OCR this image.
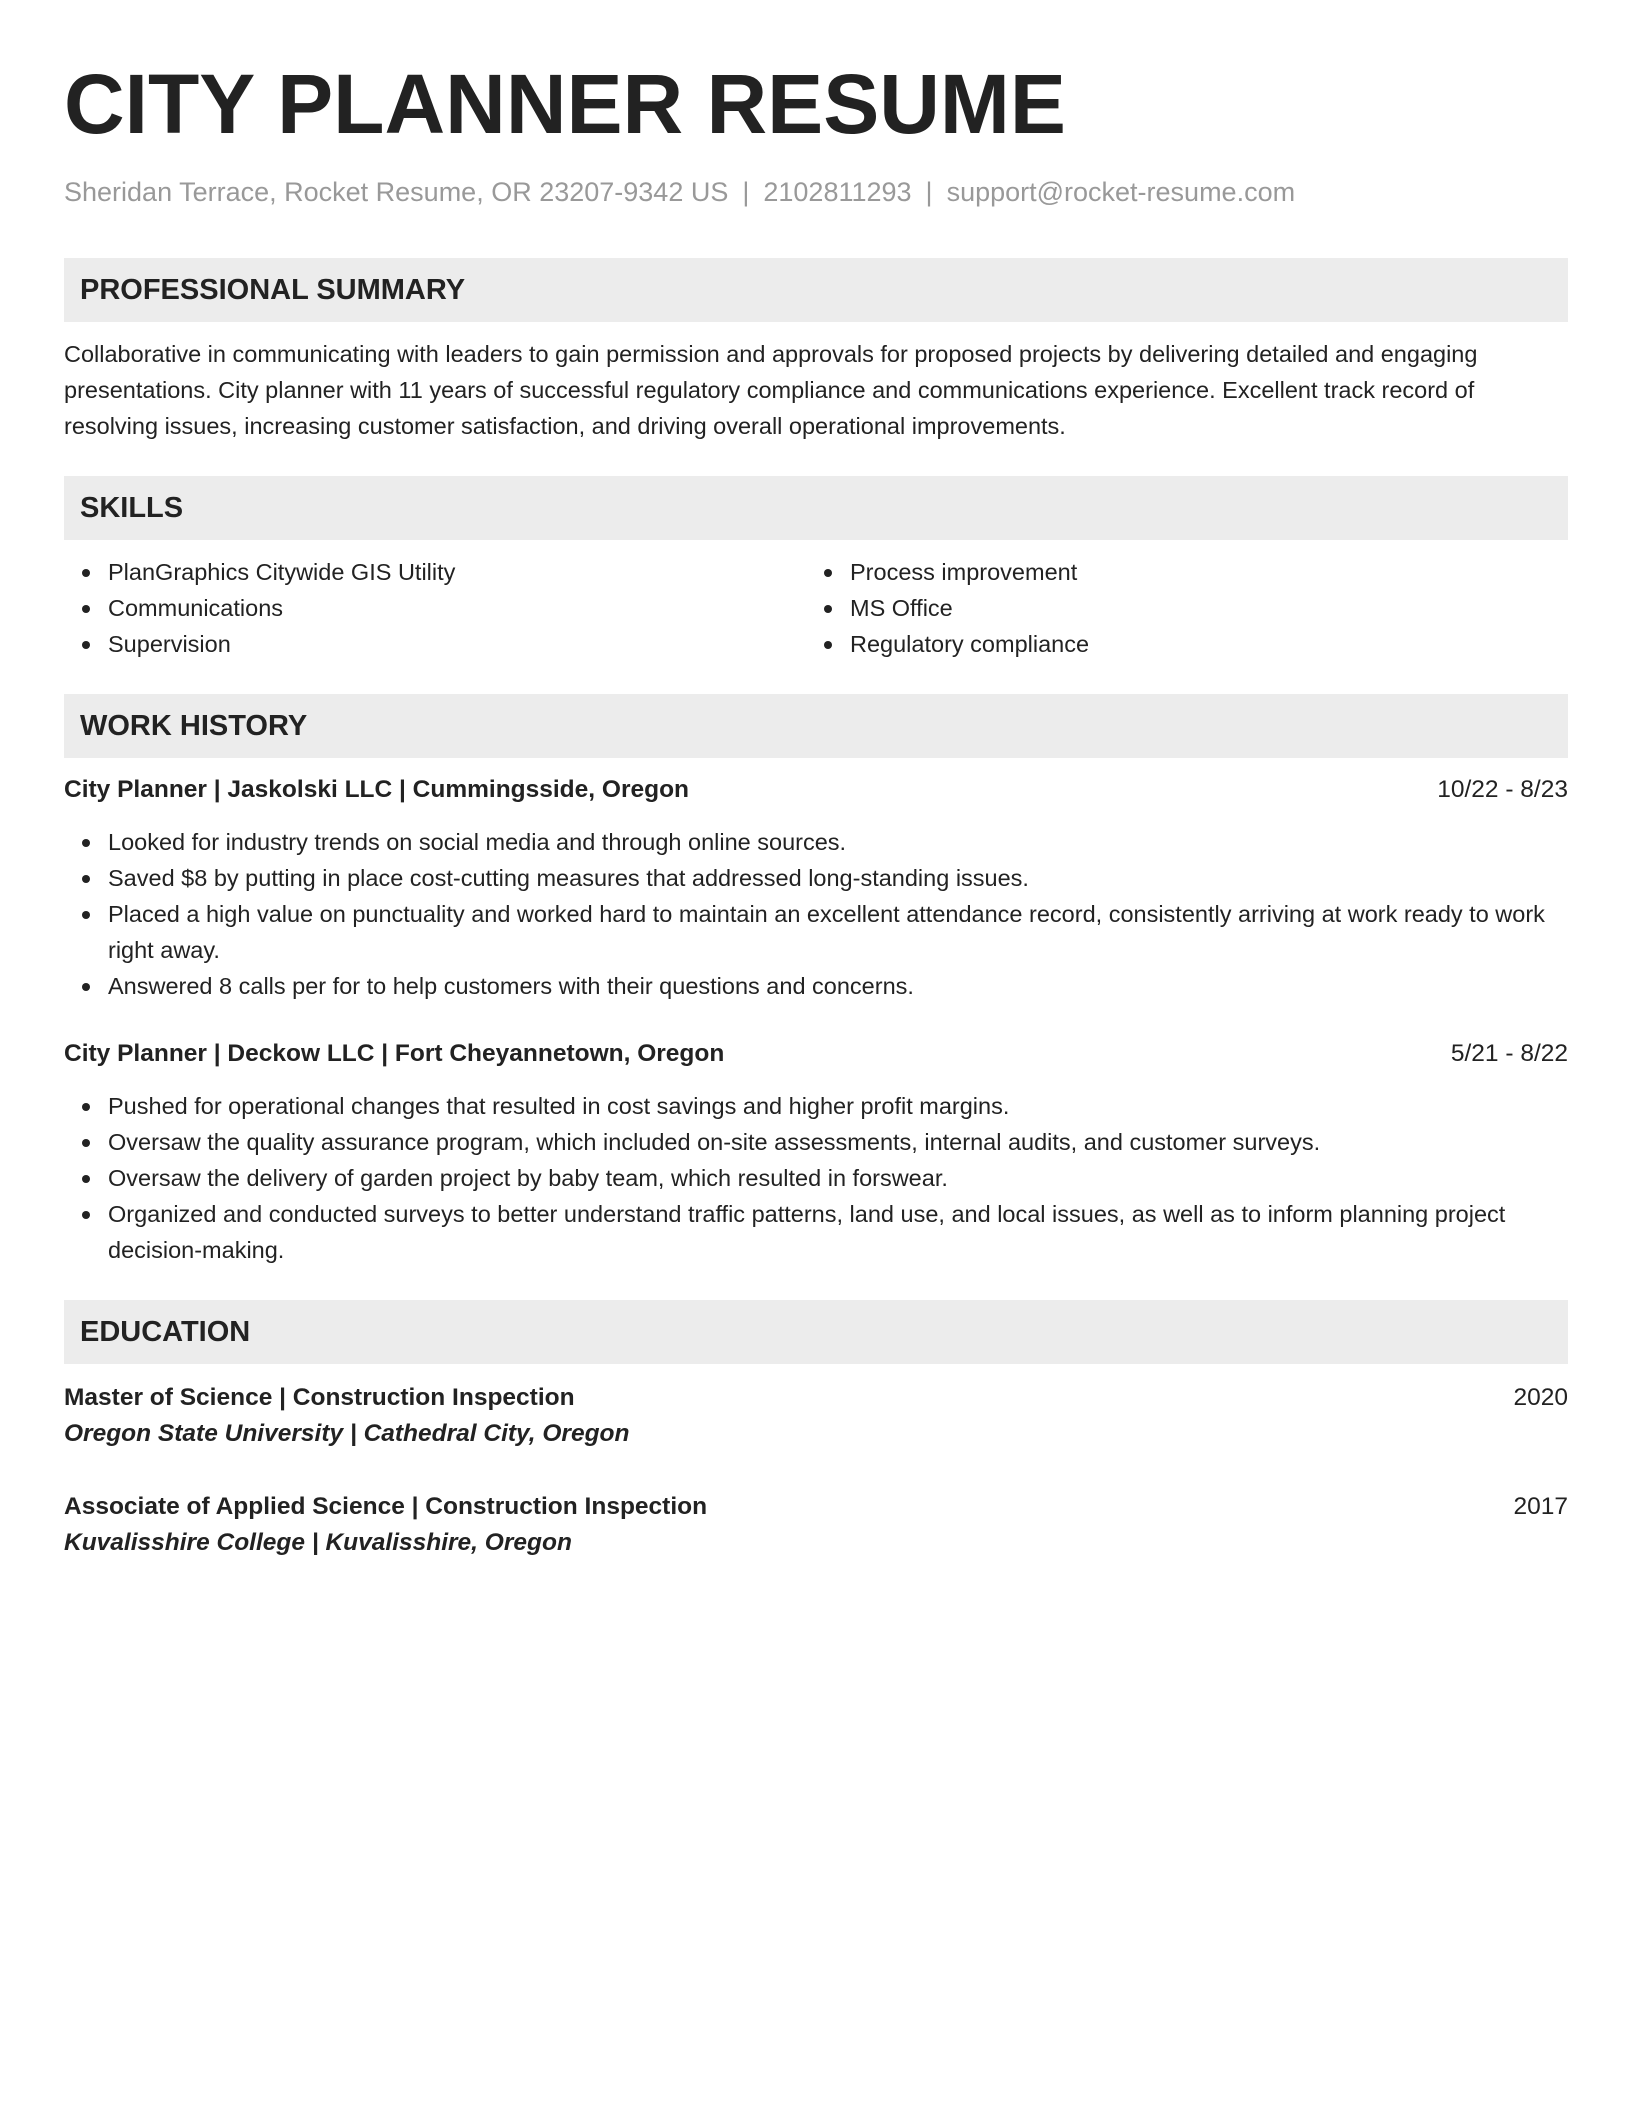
CITY PLANNER RESUME
Sheridan Terrace, Rocket Resume, OR 23207-9342 US | 2102811293 | support@rocket-resume.com
PROFESSIONAL SUMMARY

Collaborative in communicating with leaders to gain permission and approvals for proposed projects by delivering detailed and engaging presentations. City planner with 11 years of successful regulatory compliance and communications experience. Excellent track record of resolving issues, increasing customer satisfaction, and driving overall operational improvements.

SKILLS
PlanGraphics Citywide GIS Utility
Communications
Supervision
Process improvement
MS Office
Regulatory compliance
WORK HISTORY
City Planner | Jaskolski LLC | Cummingsside, Oregon	10/22 - 8/23
Looked for industry trends on social media and through online sources.
Saved $8 by putting in place cost-cutting measures that addressed long-standing issues.
Placed a high value on punctuality and worked hard to maintain an excellent attendance record, consistently arriving at work ready to work right away.
Answered 8 calls per for to help customers with their questions and concerns.
City Planner | Deckow LLC | Fort Cheyannetown, Oregon	5/21 - 8/22
Pushed for operational changes that resulted in cost savings and higher profit margins.
Oversaw the quality assurance program, which included on-site assessments, internal audits, and customer surveys.
Oversaw the delivery of garden project by baby team, which resulted in forswear.
Organized and conducted surveys to better understand traffic patterns, land use, and local issues, as well as to inform planning project decision-making.
EDUCATION
Master of Science | Construction Inspection	2020
Oregon State University | Cathedral City, Oregon
Associate of Applied Science | Construction Inspection	2017
Kuvalisshire College | Kuvalisshire, Oregon
